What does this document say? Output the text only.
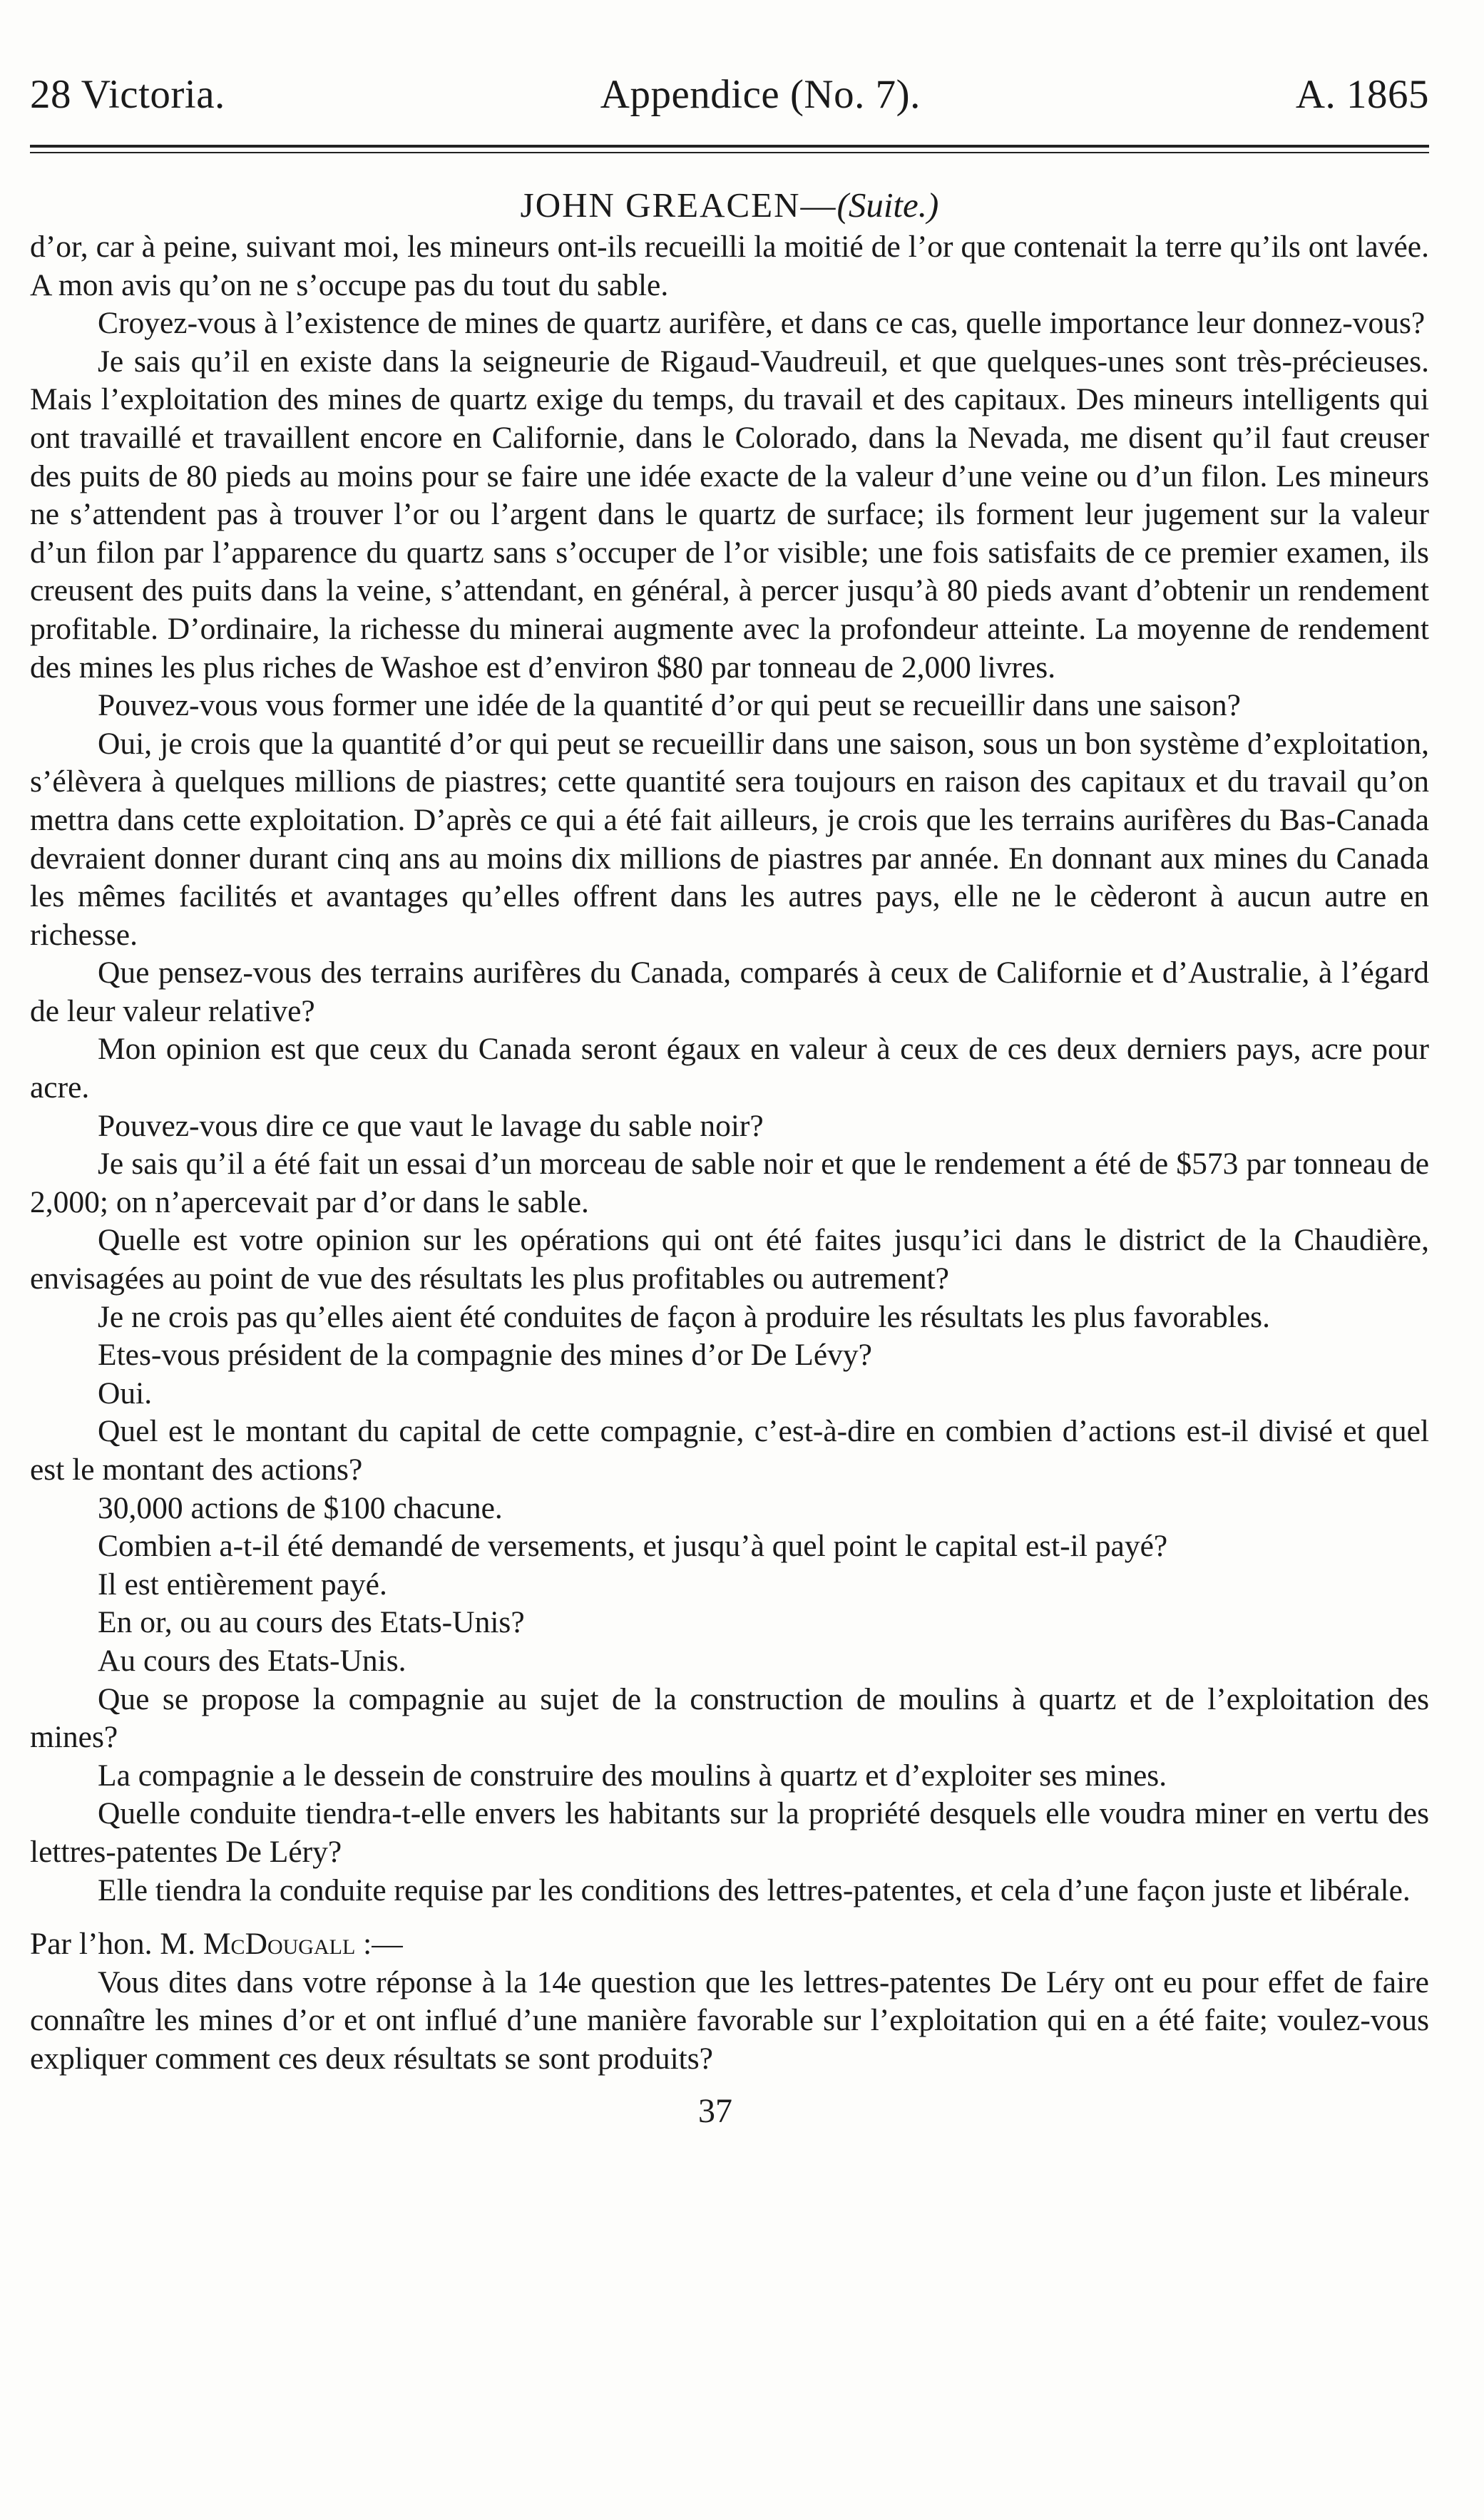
28 Victoria.	Appendice (No. 7).	A. 1865
JOHN GREACEN—(Suite.)

d’or, car à peine, suivant moi, les mineurs ont-ils recueilli la moitié de l’or que contenait la terre qu’ils ont lavée. A mon avis qu’on ne s’occupe pas du tout du sable.

Croyez-vous à l’existence de mines de quartz aurifère, et dans ce cas, quelle importance leur donnez-vous?

Je sais qu’il en existe dans la seigneurie de Rigaud-Vaudreuil, et que quelques-unes sont très-précieuses. Mais l’exploitation des mines de quartz exige du temps, du travail et des capitaux. Des mineurs intelligents qui ont travaillé et travaillent encore en Californie, dans le Colorado, dans la Nevada, me disent qu’il faut creuser des puits de 80 pieds au moins pour se faire une idée exacte de la valeur d’une veine ou d’un filon. Les mineurs ne s’attendent pas à trouver l’or ou l’argent dans le quartz de surface; ils forment leur jugement sur la valeur d’un filon par l’apparence du quartz sans s’occuper de l’or visible; une fois satisfaits de ce premier examen, ils creusent des puits dans la veine, s’attendant, en général, à percer jusqu’à 80 pieds avant d’obtenir un rendement profitable. D’ordinaire, la richesse du minerai augmente avec la profondeur atteinte. La moyenne de rendement des mines les plus riches de Washoe est d’environ $80 par tonneau de 2,000 livres.

Pouvez-vous vous former une idée de la quantité d’or qui peut se recueillir dans une saison?

Oui, je crois que la quantité d’or qui peut se recueillir dans une saison, sous un bon système d’exploitation, s’élèvera à quelques millions de piastres; cette quantité sera toujours en raison des capitaux et du travail qu’on mettra dans cette exploitation. D’après ce qui a été fait ailleurs, je crois que les terrains aurifères du Bas-Canada devraient donner durant cinq ans au moins dix millions de piastres par année. En donnant aux mines du Canada les mêmes facilités et avantages qu’elles offrent dans les autres pays, elle ne le cèderont à aucun autre en richesse.

Que pensez-vous des terrains aurifères du Canada, comparés à ceux de Californie et d’Australie, à l’égard de leur valeur relative?

Mon opinion est que ceux du Canada seront égaux en valeur à ceux de ces deux derniers pays, acre pour acre.

Pouvez-vous dire ce que vaut le lavage du sable noir?

Je sais qu’il a été fait un essai d’un morceau de sable noir et que le rendement a été de $573 par tonneau de 2,000; on n’apercevait par d’or dans le sable.

Quelle est votre opinion sur les opérations qui ont été faites jusqu’ici dans le district de la Chaudière, envisagées au point de vue des résultats les plus profitables ou autrement?

Je ne crois pas qu’elles aient été conduites de façon à produire les résultats les plus favorables.

Etes-vous président de la compagnie des mines d’or De Lévy?

Oui.

Quel est le montant du capital de cette compagnie, c’est-à-dire en combien d’actions est-il divisé et quel est le montant des actions?

30,000 actions de $100 chacune.

Combien a-t-il été demandé de versements, et jusqu’à quel point le capital est-il payé?

Il est entièrement payé.

En or, ou au cours des Etats-Unis?

Au cours des Etats-Unis.

Que se propose la compagnie au sujet de la construction de moulins à quartz et de l’exploitation des mines?

La compagnie a le dessein de construire des moulins à quartz et d’exploiter ses mines.

Quelle conduite tiendra-t-elle envers les habitants sur la propriété desquels elle voudra miner en vertu des lettres-patentes De Léry?

Elle tiendra la conduite requise par les conditions des lettres-patentes, et cela d’une façon juste et libérale.

Par l’hon. M. McDougall :—

Vous dites dans votre réponse à la 14e question que les lettres-patentes De Léry ont eu pour effet de faire connaître les mines d’or et ont influé d’une manière favorable sur l’exploitation qui en a été faite; voulez-vous expliquer comment ces deux résultats se sont produits?

37
